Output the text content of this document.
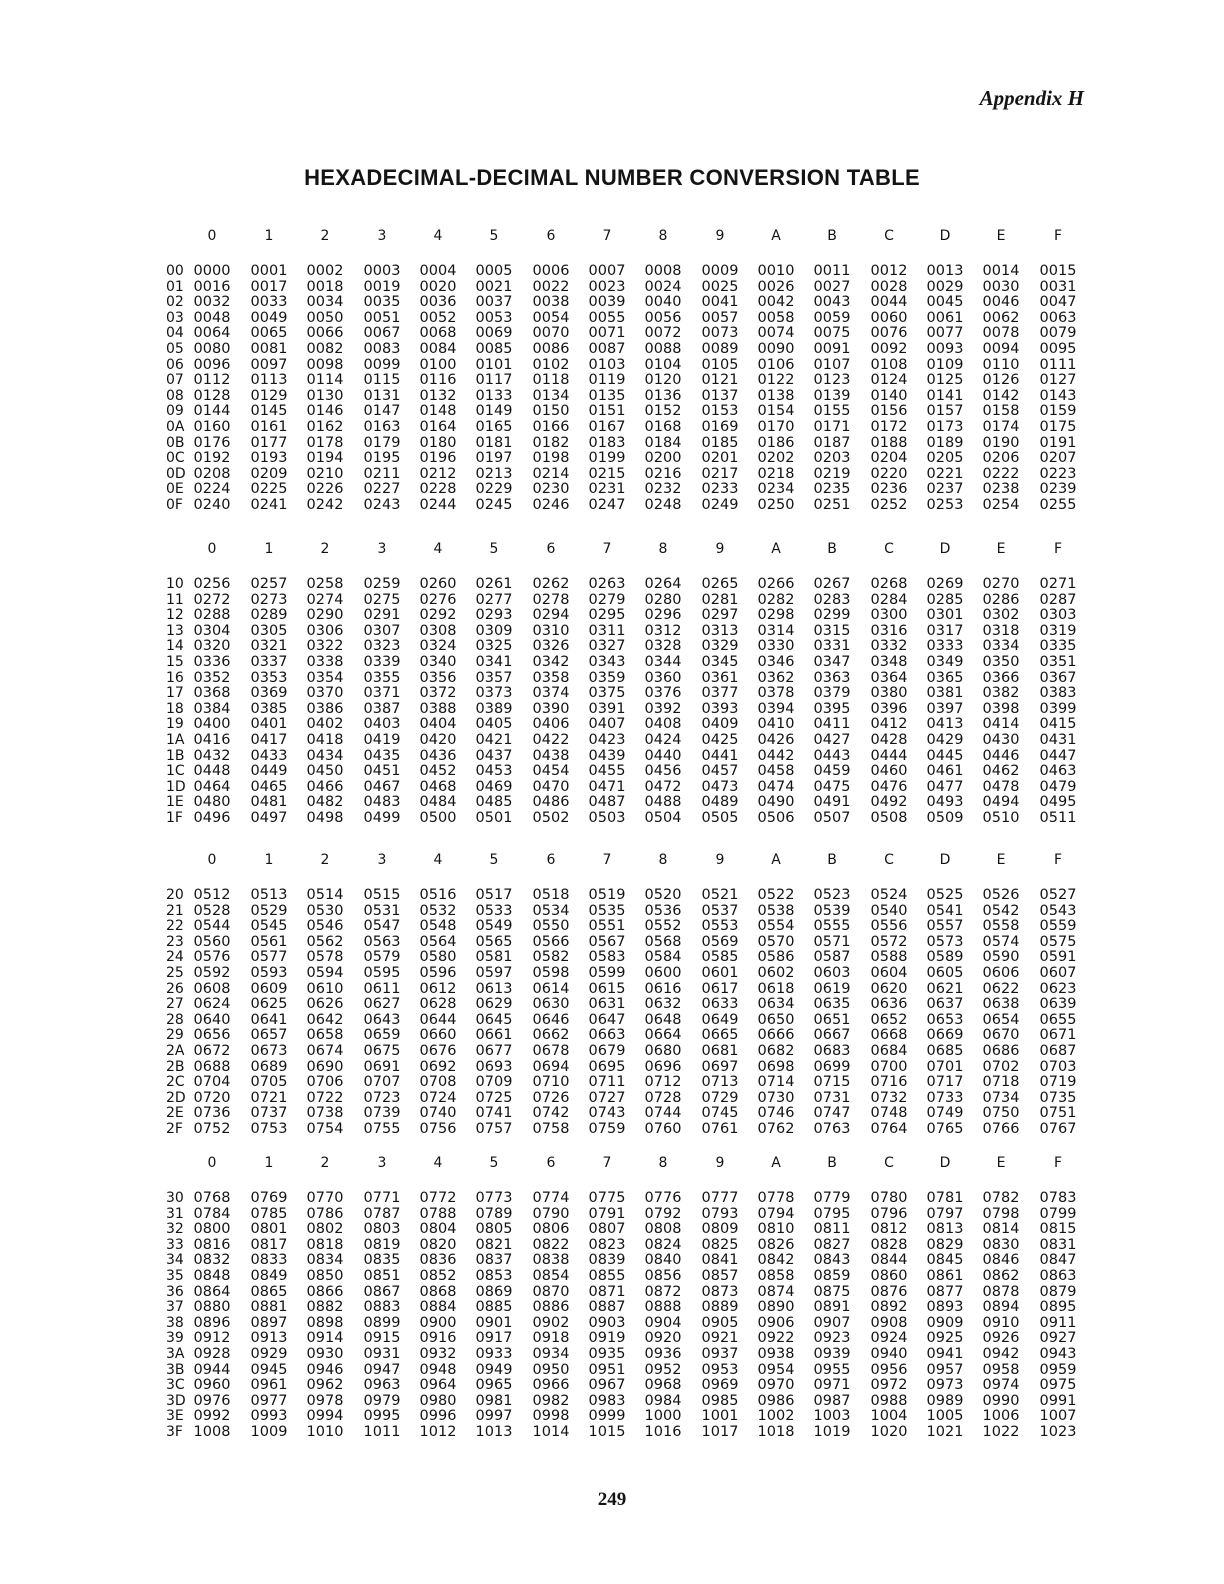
Appendix H
HEXADECIMAL-DECIMAL NUMBER CONVERSION TABLE
0	1	2	3	4	5	6	7	8	9	A	B	C	D	E	F
00 0000	0001	0002	0003	0004	0005	0006	0007	0008	0009	0010	0011	0012	0013	0014	0015
01 0016	0017	0018	0019	0020	0021	0022	0023	0024	0025	0026	0027	0028	0029	0030	0031
02 0032	0033	0034	0035	0036	0037	0038	0039	0040	0041	0042	0043	0044	0045	0046	0047
03 0048	0049	0050	0051	0052	0053	0054	0055	0056	0057	0058	0059	0060	0061	0062	0063
04 0064	0065	0066	0067	0068	0069	0070	0071	0072	0073	0074	0075	0076	0077	0078	0079
05 0080	0081	0082	0083	0084	0085	0086	0087	0088	0089	0090	0091	0092	0093	0094	0095
06 0096	0097	0098	0099	0100	0101	0102	0103	0104	0105	0106	0107	0108	0109	0110	0111
07 0112	0113	0114	0115	0116	0117	0118	0119	0120	0121	0122	0123	0124	0125	0126	0127
08 0128	0129	0130	0131	0132	0133	0134	0135	0136	0137	0138	0139	0140	0141	0142	0143
09 0144	0145	0146	0147	0148	0149	0150	0151	0152	0153	0154	0155	0156	0157	0158	0159
0A 0160	0161	0162	0163	0164	0165	0166	0167	0168	0169	0170	0171	0172	0173	0174	0175
0B 0176	0177	0178	0179	0180	0181	0182	0183	0184	0185	0186	0187	0188	0189	0190	0191
0C 0192	0193	0194	0195	0196	0197	0198	0199	0200	0201	0202	0203	0204	0205	0206	0207
0D 0208	0209	0210	0211	0212	0213	0214	0215	0216	0217	0218	0219	0220	0221	0222	0223
0E 0224	0225	0226	0227	0228	0229	0230	0231	0232	0233	0234	0235	0236	0237	0238	0239
0F 0240	0241	0242	0243	0244	0245	0246	0247	0248	0249	0250	0251	0252	0253	0254	0255
0	1	2	3	4	5	6	7	8	9	A	B	C	D	E	F
10 0256	0257	0258	0259	0260	0261	0262	0263	0264	0265	0266	0267	0268	0269	0270	0271
11 0272	0273	0274	0275	0276	0277	0278	0279	0280	0281	0282	0283	0284	0285	0286	0287
12 0288	0289	0290	0291	0292	0293	0294	0295	0296	0297	0298	0299	0300	0301	0302	0303
13 0304	0305	0306	0307	0308	0309	0310	0311	0312	0313	0314	0315	0316	0317	0318	0319
14 0320	0321	0322	0323	0324	0325	0326	0327	0328	0329	0330	0331	0332	0333	0334	0335
15 0336	0337	0338	0339	0340	0341	0342	0343	0344	0345	0346	0347	0348	0349	0350	0351
16 0352	0353	0354	0355	0356	0357	0358	0359	0360	0361	0362	0363	0364	0365	0366	0367
17 0368	0369	0370	0371	0372	0373	0374	0375	0376	0377	0378	0379	0380	0381	0382	0383
18 0384	0385	0386	0387	0388	0389	0390	0391	0392	0393	0394	0395	0396	0397	0398	0399
19 0400	0401	0402	0403	0404	0405	0406	0407	0408	0409	0410	0411	0412	0413	0414	0415
1A 0416	0417	0418	0419	0420	0421	0422	0423	0424	0425	0426	0427	0428	0429	0430	0431
1B 0432	0433	0434	0435	0436	0437	0438	0439	0440	0441	0442	0443	0444	0445	0446	0447
1C 0448	0449	0450	0451	0452	0453	0454	0455	0456	0457	0458	0459	0460	0461	0462	0463
1D 0464	0465	0466	0467	0468	0469	0470	0471	0472	0473	0474	0475	0476	0477	0478	0479
1E 0480	0481	0482	0483	0484	0485	0486	0487	0488	0489	0490	0491	0492	0493	0494	0495
1F 0496	0497	0498	0499	0500	0501	0502	0503	0504	0505	0506	0507	0508	0509	0510	0511
0	1	2	3	4	5	6	7	8	9	A	B	C	D	E	F
20 0512	0513	0514	0515	0516	0517	0518	0519	0520	0521	0522	0523	0524	0525	0526	0527
21 0528	0529	0530	0531	0532	0533	0534	0535	0536	0537	0538	0539	0540	0541	0542	0543
22 0544	0545	0546	0547	0548	0549	0550	0551	0552	0553	0554	0555	0556	0557	0558	0559
23 0560	0561	0562	0563	0564	0565	0566	0567	0568	0569	0570	0571	0572	0573	0574	0575
24 0576	0577	0578	0579	0580	0581	0582	0583	0584	0585	0586	0587	0588	0589	0590	0591
25 0592	0593	0594	0595	0596	0597	0598	0599	0600	0601	0602	0603	0604	0605	0606	0607
26 0608	0609	0610	0611	0612	0613	0614	0615	0616	0617	0618	0619	0620	0621	0622	0623
27 0624	0625	0626	0627	0628	0629	0630	0631	0632	0633	0634	0635	0636	0637	0638	0639
28 0640	0641	0642	0643	0644	0645	0646	0647	0648	0649	0650	0651	0652	0653	0654	0655
29 0656	0657	0658	0659	0660	0661	0662	0663	0664	0665	0666	0667	0668	0669	0670	0671
2A 0672	0673	0674	0675	0676	0677	0678	0679	0680	0681	0682	0683	0684	0685	0686	0687
2B 0688	0689	0690	0691	0692	0693	0694	0695	0696	0697	0698	0699	0700	0701	0702	0703
2C 0704	0705	0706	0707	0708	0709	0710	0711	0712	0713	0714	0715	0716	0717	0718	0719
2D 0720	0721	0722	0723	0724	0725	0726	0727	0728	0729	0730	0731	0732	0733	0734	0735
2E 0736	0737	0738	0739	0740	0741	0742	0743	0744	0745	0746	0747	0748	0749	0750	0751
2F 0752	0753	0754	0755	0756	0757	0758	0759	0760	0761	0762	0763	0764	0765	0766	0767
0	1	2	3	4	5	6	7	8	9	A	B	C	D	E	F
30 0768	0769	0770	0771	0772	0773	0774	0775	0776	0777	0778	0779	0780	0781	0782	0783
31 0784	0785	0786	0787	0788	0789	0790	0791	0792	0793	0794	0795	0796	0797	0798	0799
32 0800	0801	0802	0803	0804	0805	0806	0807	0808	0809	0810	0811	0812	0813	0814	0815
33 0816	0817	0818	0819	0820	0821	0822	0823	0824	0825	0826	0827	0828	0829	0830	0831
34 0832	0833	0834	0835	0836	0837	0838	0839	0840	0841	0842	0843	0844	0845	0846	0847
35 0848	0849	0850	0851	0852	0853	0854	0855	0856	0857	0858	0859	0860	0861	0862	0863
36 0864	0865	0866	0867	0868	0869	0870	0871	0872	0873	0874	0875	0876	0877	0878	0879
37 0880	0881	0882	0883	0884	0885	0886	0887	0888	0889	0890	0891	0892	0893	0894	0895
38 0896	0897	0898	0899	0900	0901	0902	0903	0904	0905	0906	0907	0908	0909	0910	0911
39 0912	0913	0914	0915	0916	0917	0918	0919	0920	0921	0922	0923	0924	0925	0926	0927
3A 0928	0929	0930	0931	0932	0933	0934	0935	0936	0937	0938	0939	0940	0941	0942	0943
3B 0944	0945	0946	0947	0948	0949	0950	0951	0952	0953	0954	0955	0956	0957	0958	0959
3C 0960	0961	0962	0963	0964	0965	0966	0967	0968	0969	0970	0971	0972	0973	0974	0975
3D 0976	0977	0978	0979	0980	0981	0982	0983	0984	0985	0986	0987	0988	0989	0990	0991
3E 0992	0993	0994	0995	0996	0997	0998	0999	1000	1001	1002	1003	1004	1005	1006	1007
3F 1008	1009	1010	1011	1012	1013	1014	1015	1016	1017	1018	1019	1020	1021	1022	1023
249
